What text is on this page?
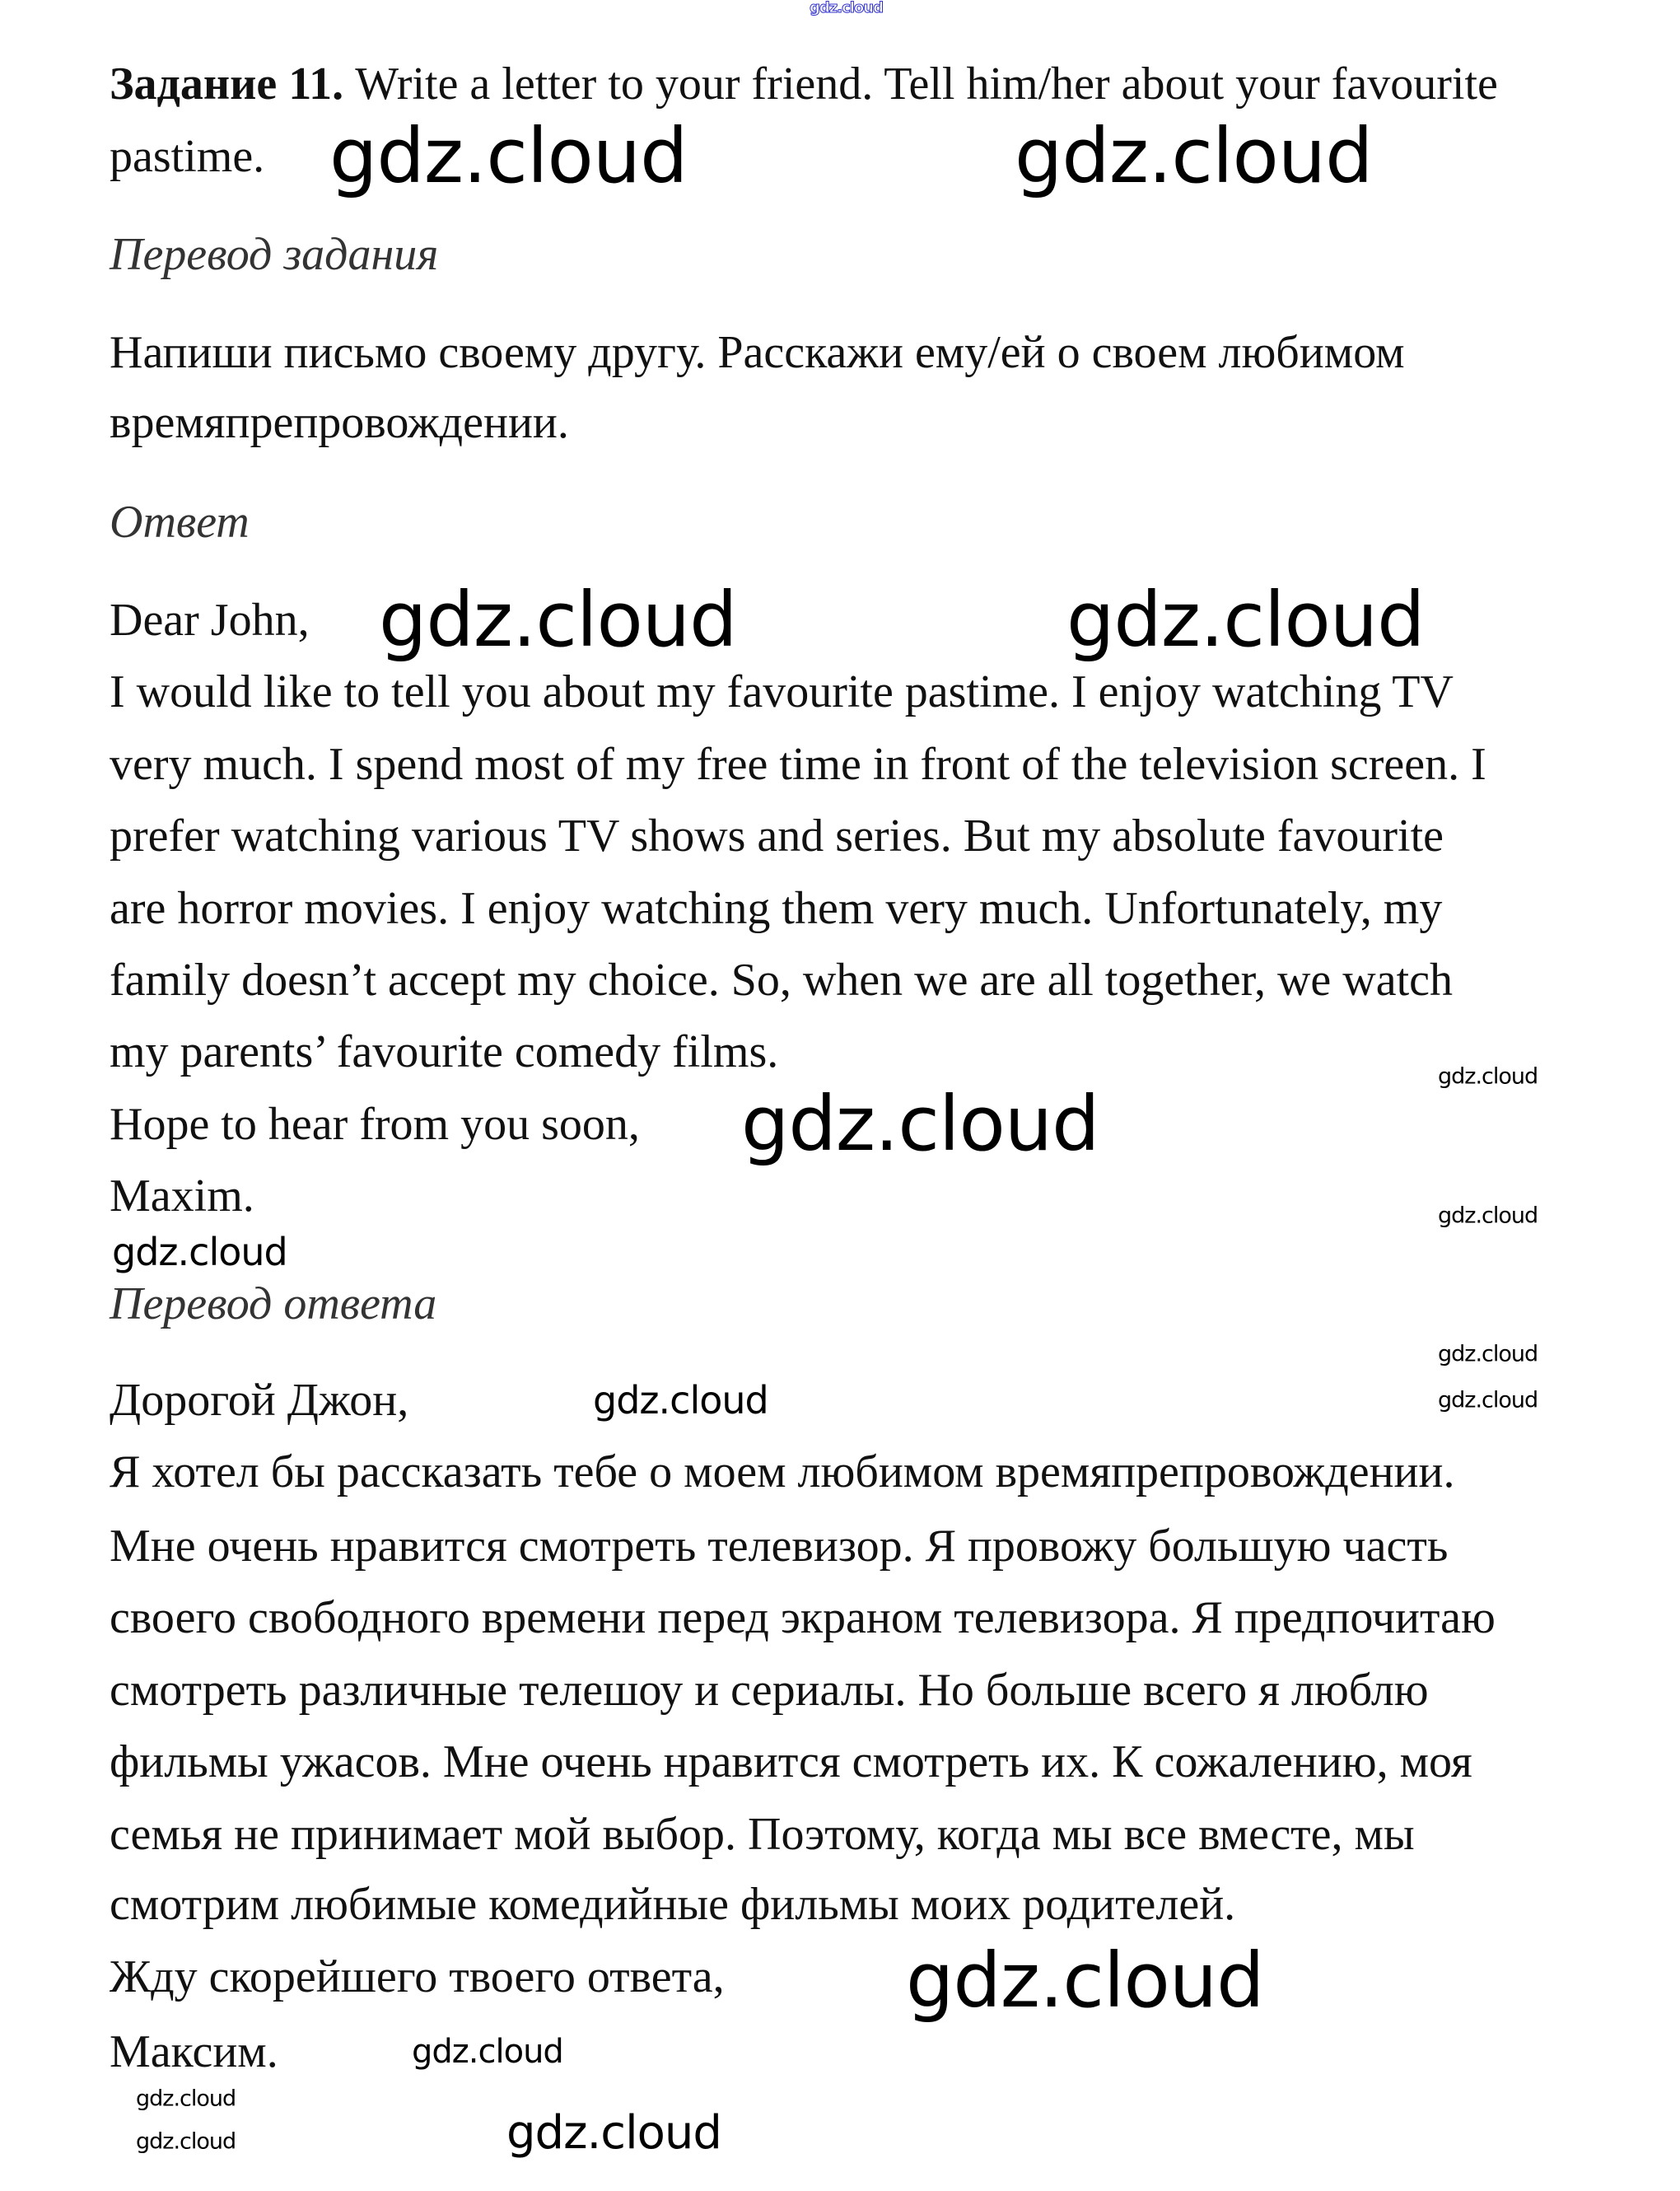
Задание 11. Write a letter to your friend. Tell him/her about your favourite
pastime.
Перевод задания
Напиши письмо своему другу. Расскажи ему/ей о своем любимом
времяпрепровождении.
Ответ
Dear John,
I would like to tell you about my favourite pastime. I enjoy watching TV
very much. I spend most of my free time in front of the television screen. I
prefer watching various TV shows and series. But my absolute favourite
are horror movies. I enjoy watching them very much. Unfortunately, my
family doesn’t accept my choice. So, when we are all together, we watch
my parents’ favourite comedy films.
Hope to hear from you soon,
Maxim.
Перевод ответа
Дорогой Джон,
Я хотел бы рассказать тебе о моем любимом времяпрепровождении.
Мне очень нравится смотреть телевизор. Я провожу большую часть
своего свободного времени перед экраном телевизора. Я предпочитаю
смотреть различные телешоу и сериалы. Но больше всего я люблю
фильмы ужасов. Мне очень нравится смотреть их. К сожалению, моя
семья не принимает мой выбор. Поэтому, когда мы все вместе, мы
смотрим любимые комедийные фильмы моих родителей.
Жду скорейшего твоего ответа,
Максим.
gdz.cloud
gdz.cloud	gdz.cloud
gdz.cloud	gdz.cloud
gdz.cloud
gdz.cloud
gdz.cloud
gdz.cloud
gdz.cloud
gdz.cloud
gdz.cloud
gdz.cloud
gdz.cloud
gdz.cloud
gdz.cloud
gdz.cloud
